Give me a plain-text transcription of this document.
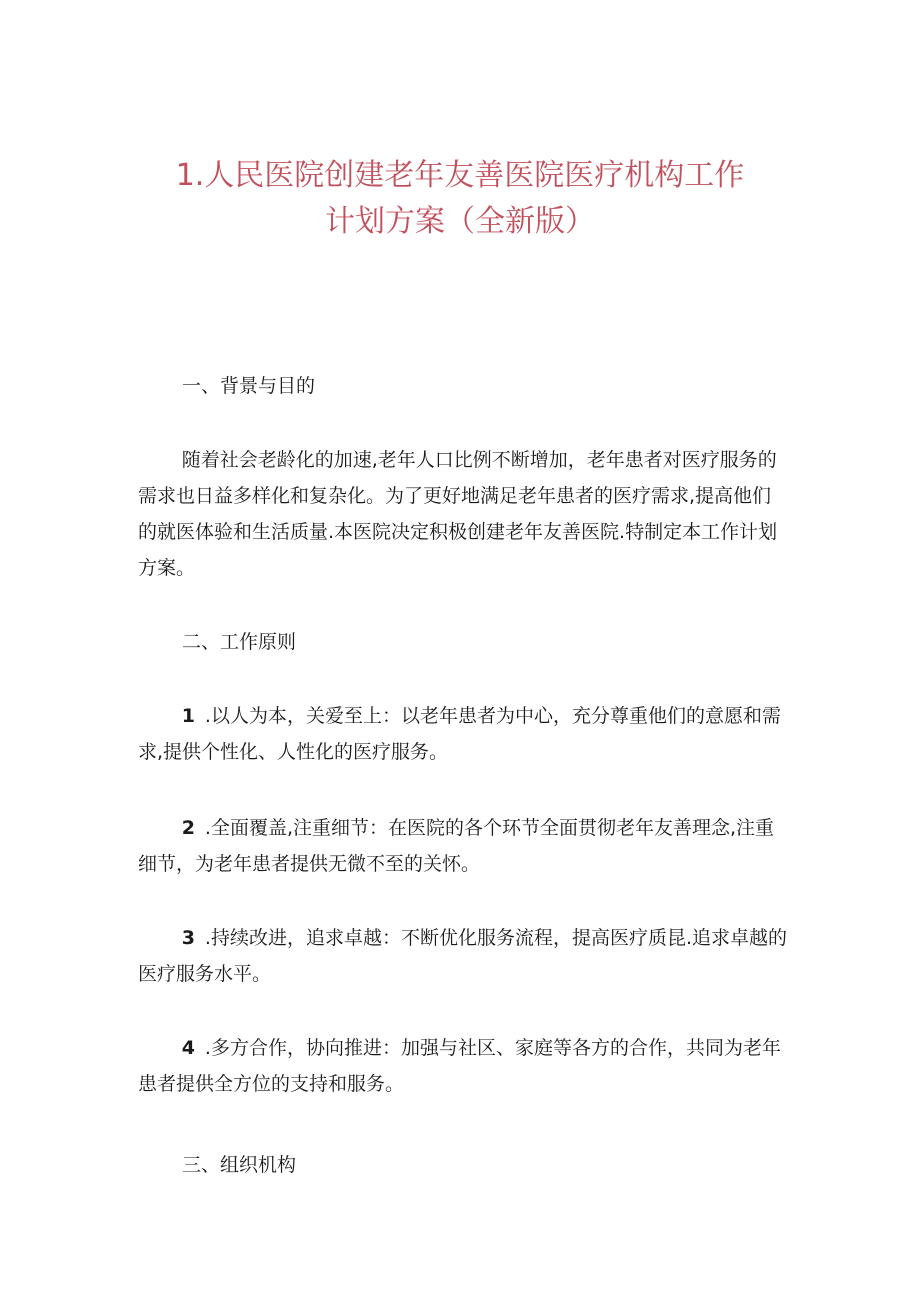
1.人民医院创建老年友善医院医疗机构工作
计划方案（全新版）
一、背景与目的

随着社会老龄化的加速,老年人口比例不断增加，老年患者对医疗服务的需求也日益多样化和复杂化。为了更好地满足老年患者的医疗需求,提高他们的就医体验和生活质量.本医院决定积极创建老年友善医院.特制定本工作计划方案。

二、工作原则

1 .以人为本，关爱至上：以老年患者为中心，充分尊重他们的意愿和需求,提供个性化、人性化的医疗服务。

2 .全面覆盖,注重细节：在医院的各个环节全面贯彻老年友善理念,注重细节，为老年患者提供无微不至的关怀。

3 .持续改进，追求卓越：不断优化服务流程，提高医疗质昆.追求卓越的医疗服务水平。

4 .多方合作，协向推进：加强与社区、家庭等各方的合作，共同为老年患者提供全方位的支持和服务。

三、组织机构
